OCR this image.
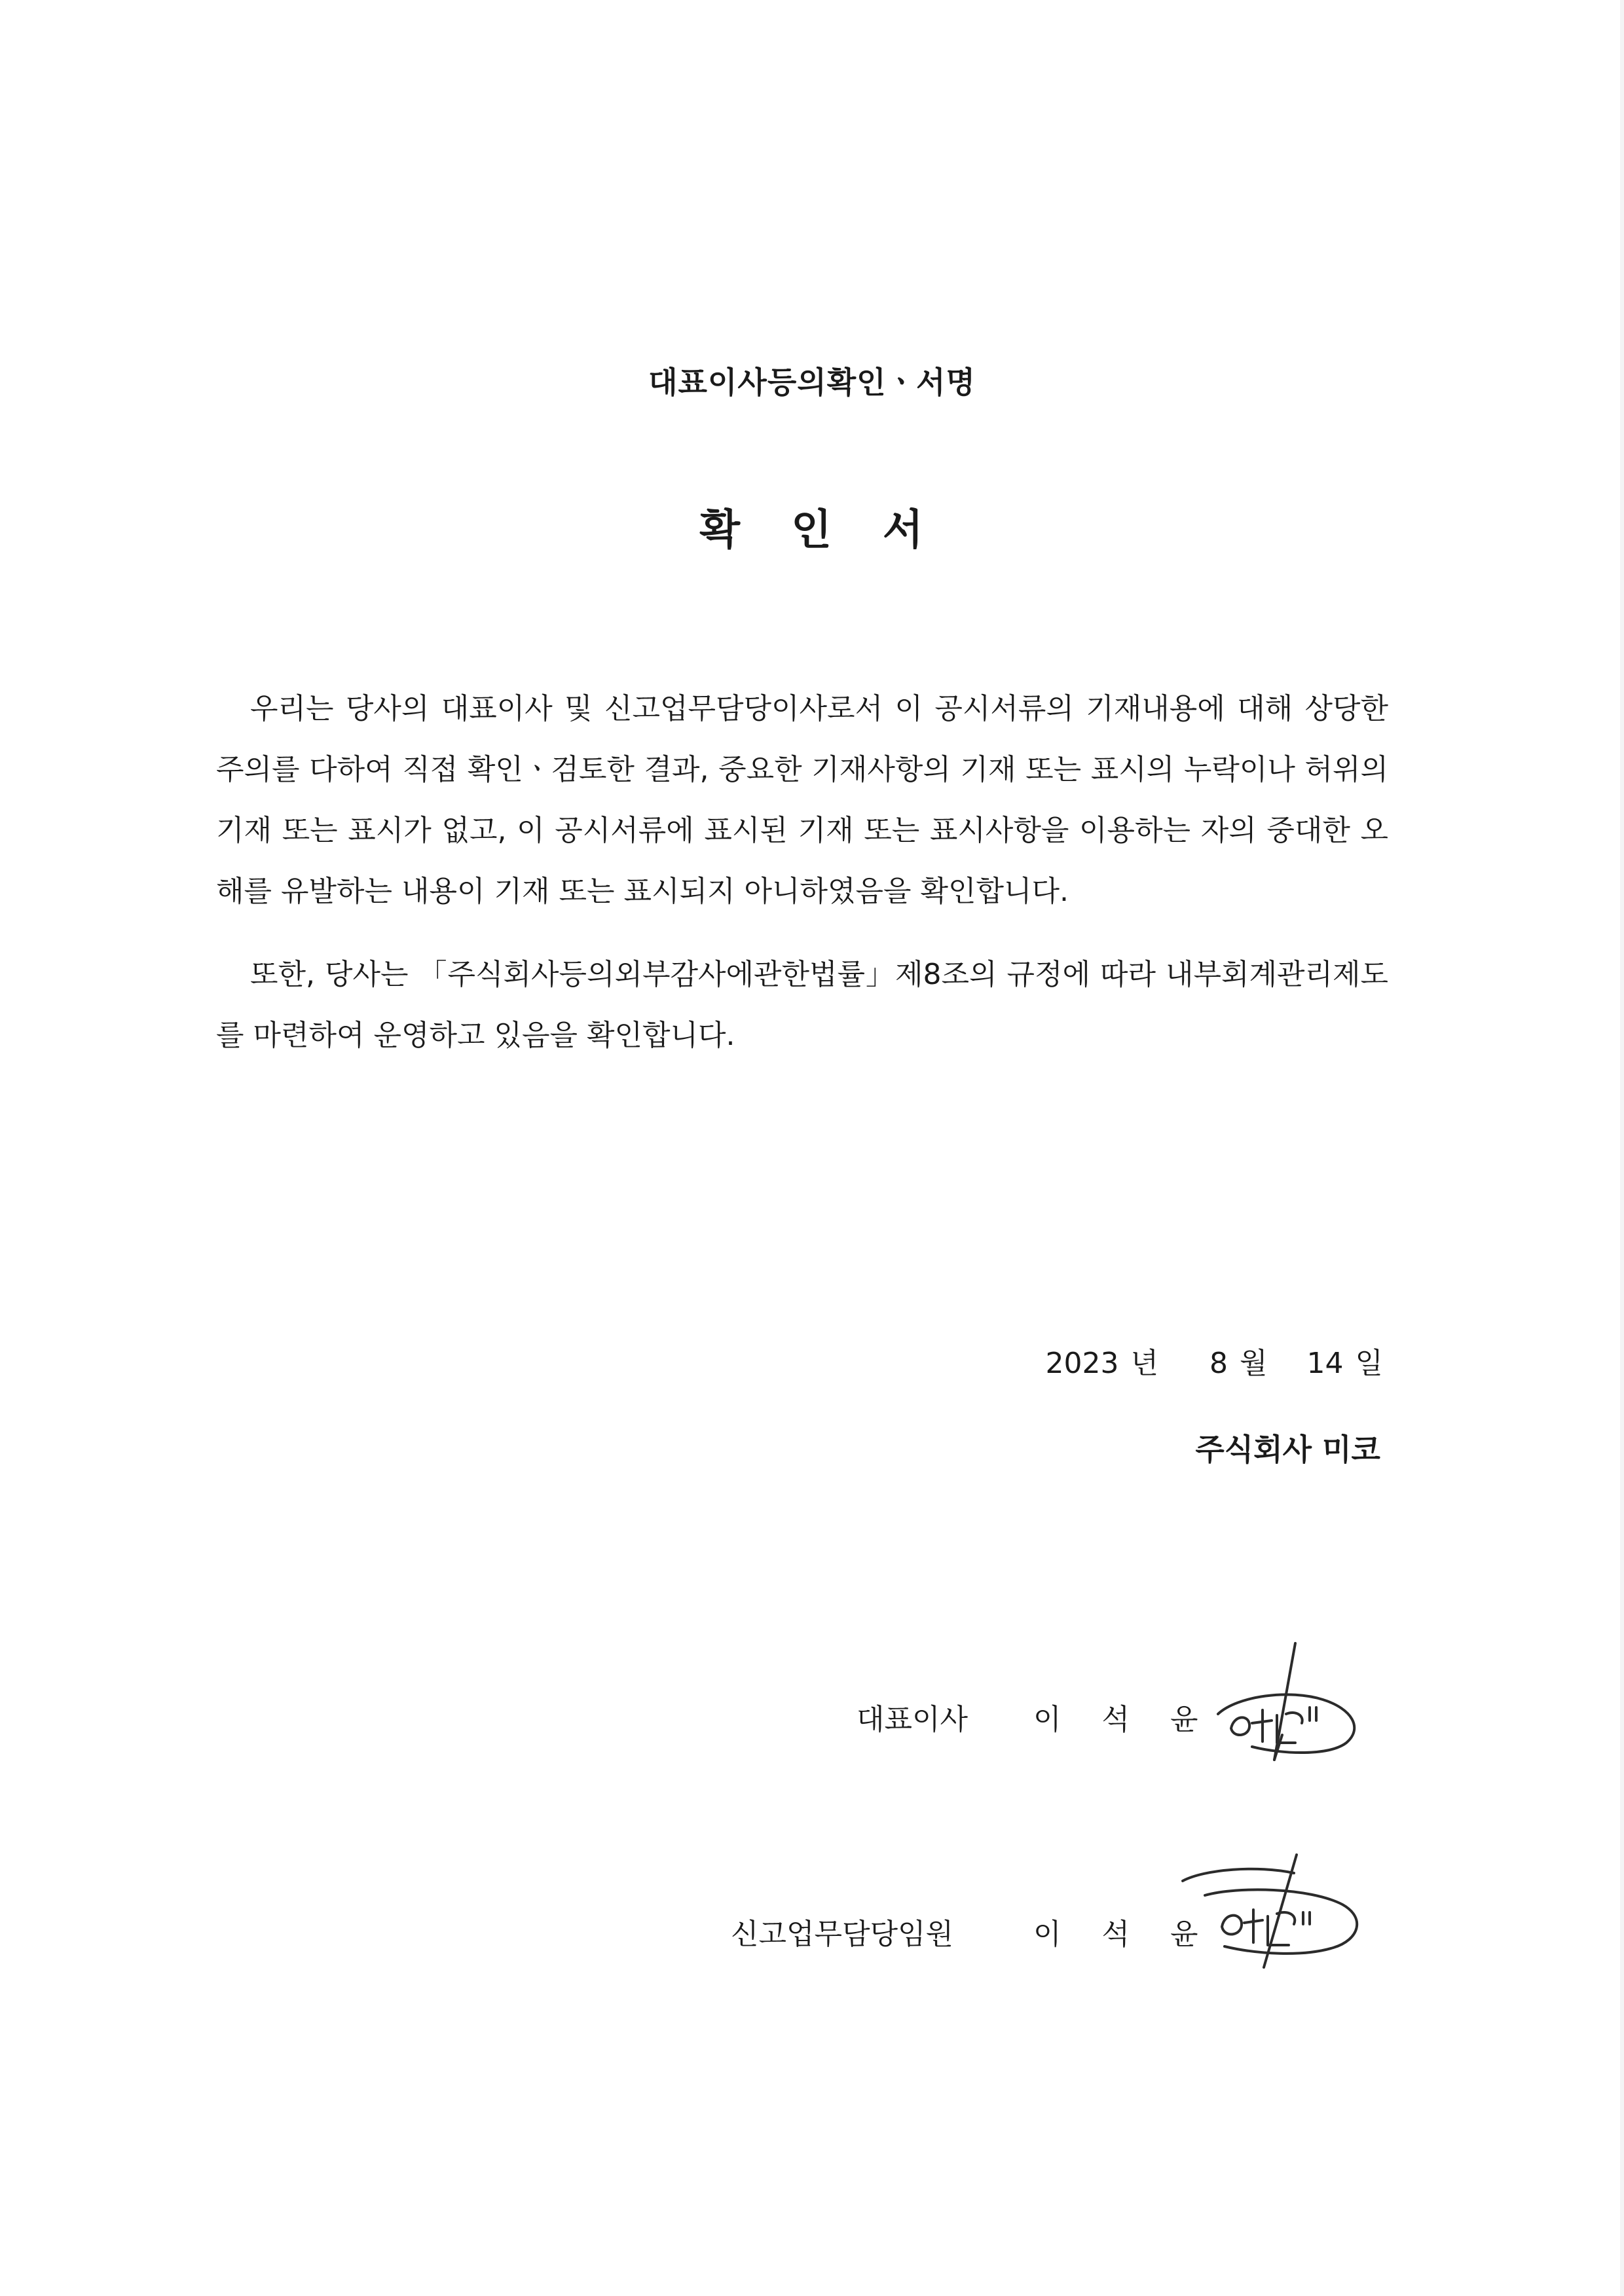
대표이사등의확인ㆍ서명
확 인 서
우리는 당사의 대표이사 및 신고업무담당이사로서 이 공시서류의 기재내용에 대해 상당한 주의를 다하여 직접 확인ㆍ검토한 결과, 중요한 기재사항의 기재 또는 표시의 누락이나 허위의 기재 또는 표시가 없고, 이 공시서류에 표시된 기재 또는 표시사항을 이용하는 자의 중대한 오해를 유발하는 내용이 기재 또는 표시되지 아니하였음을 확인합니다.
또한, 당사는 「주식회사등의외부감사에관한법률」제8조의 규정에 따라 내부회계관리제도를 마련하여 운영하고 있음을 확인합니다.
2023 년 8 월 14 일
주식회사 미코
대표이사 이 석 윤
신고업무담당임원	이 석 윤
